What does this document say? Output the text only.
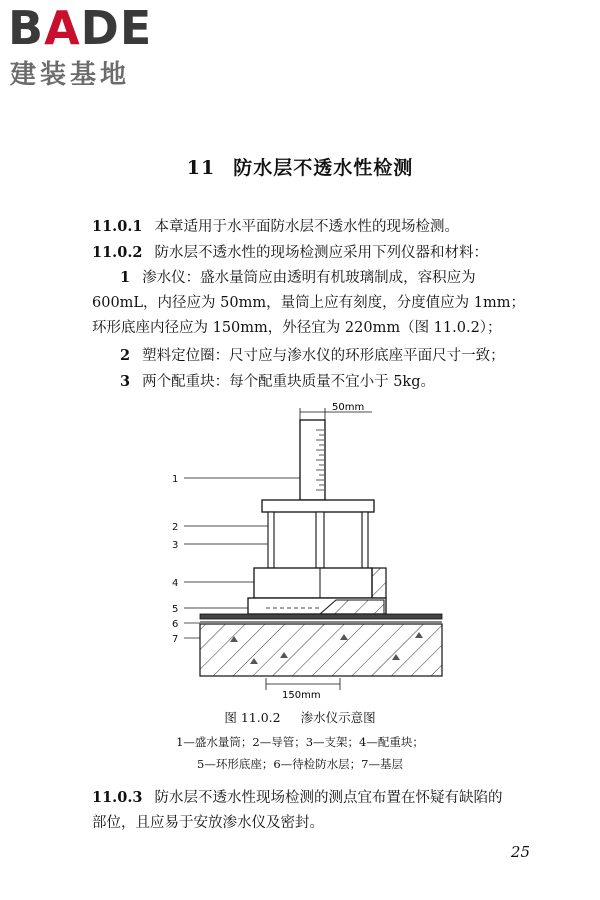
BADE
建装基地
11 防水层不透水性检测
11.0.1 本章适用于水平面防水层不透水性的现场检测。
11.0.2 防水层不透水性的现场检测应采用下列仪器和材料：
1 渗水仪：盛水量筒应由透明有机玻璃制成，容积应为
600mL，内径应为 50mm，量筒上应有刻度，分度值应为 1mm；
环形底座内径应为 150mm，外径宜为 220mm（图 11.0.2）；
2 塑料定位圈：尺寸应与渗水仪的环形底座平面尺寸一致；
3 两个配重块：每个配重块质量不宜小于 5kg。
50mm
150mm
1
2
3
4
5
6
7
图 11.0.2 渗水仪示意图
1—盛水量筒；2—导管；3—支架；4—配重块；
5—环形底座；6—待检防水层；7—基层
11.0.3 防水层不透水性现场检测的测点宜布置在怀疑有缺陷的
部位，且应易于安放渗水仪及密封。
25
